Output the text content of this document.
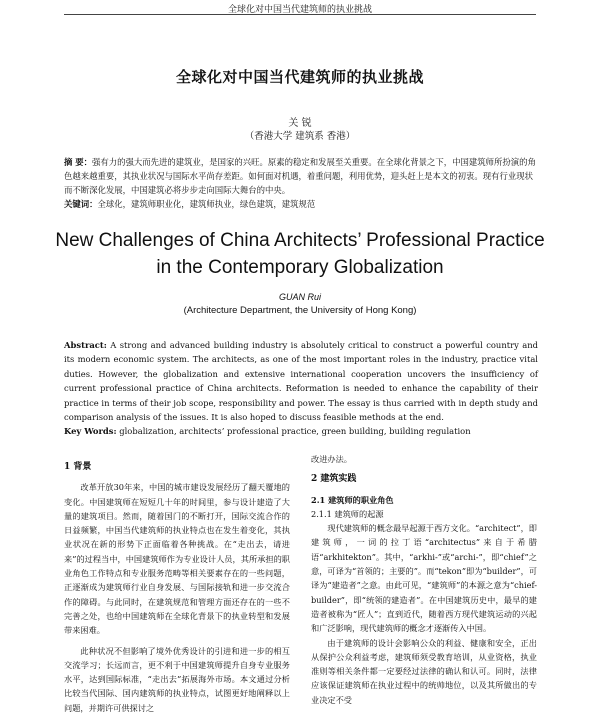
全球化对中国当代建筑师的执业挑战
全球化对中国当代建筑师的执业挑战
关 锐
（香港大学 建筑系 香港）
摘 要：强有力的强大而先进的建筑业，是国家的兴旺。原素的稳定和发展至关重要。在全球化背景之下，中国建筑师所扮演的角色越来越重要，其执业状况与国际水平尚存差距。如何面对机遇，着重问题，利用优势，迎头赶上是本文的初衷。现有行业现状而不断深化发展，中国建筑必将步步走向国际大舞台的中央。
关键词：全球化，建筑师职业化，建筑师执业，绿色建筑，建筑规范
New Challenges of China Architects’ Professional Practice
in the Contemporary Globalization
GUAN Rui
(Architecture Department, the University of Hong Kong)
Abstract: A strong and advanced building industry is absolutely critical to construct a powerful country and its modern economic system. The architects, as one of the most important roles in the industry, practice vital duties. However, the globalization and extensive international cooperation uncovers the insufficiency of current professional practice of China architects. Reformation is needed to enhance the capability of their practice in terms of their job scope, responsibility and power. The essay is thus carried with in depth study and comparison analysis of the issues. It is also hoped to discuss feasible methods at the end.
Key Words: globalization, architects’ professional practice, green building, building regulation

1 背景

改革开放30年来，中国的城市建设发展经历了翻天覆地的变化。中国建筑师在短短几十年的时间里，参与设计建造了大量的建筑项目。然而，随着国门的不断打开，国际交流合作的日益频繁，中国当代建筑师的执业特点也在发生着变化，其执业状况在新的形势下正面临着各种挑战。在“走出去，请进来”的过程当中，中国建筑师作为专业设计人员，其所承担的职业角色工作特点和专业服务范畴等相关要素存在的一些问题，正逐渐成为建筑师行业自身发展、与国际接轨和进一步交流合作的障碍。与此同时，在建筑规范和管理方面还存在的一些不完善之处，也给中国建筑师在全球化背景下的执业转型和发展带来困难。

此种状况不但影响了境外优秀设计的引进和进一步的相互交流学习；长远而言，更不利于中国建筑师提升自身专业服务水平，达到国际标准，“走出去”拓展海外市场。本文通过分析比较当代国际、国内建筑师的执业特点，试图更好地阐释以上问题，并期许可供探讨之

改进办法。

2 建筑实践

2.1 建筑师的职业角色

2.1.1 建筑师的起源

现代建筑师的概念最早起源于西方文化。“architect”，即建筑师，一词的拉丁语“architectus”来自于希腊语“arkhitekton”。其中，“arkhi-”或“archi-”，即“chief”之意，可译为“首领的；主要的”。而“tekon”即为“builder”，可译为“建造者”之意。由此可见，“建筑师”的本源之意为“chief-builder”，即“统领的建造者”。在中国建筑历史中，最早的建造者被称为“匠人”；直到近代，随着西方现代建筑运动的兴起和广泛影响，现代建筑师的概念才逐渐传入中国。

由于建筑师的设计会影响公众的利益、健康和安全，正出从保护公众利益考虑，建筑师须受教育培训，从业资格，执业准则等相关条件都一定要经过法律的确认和认可。同时，法律应该保证建筑师在执业过程中的统帅地位，以及其所做出的专业决定不受
